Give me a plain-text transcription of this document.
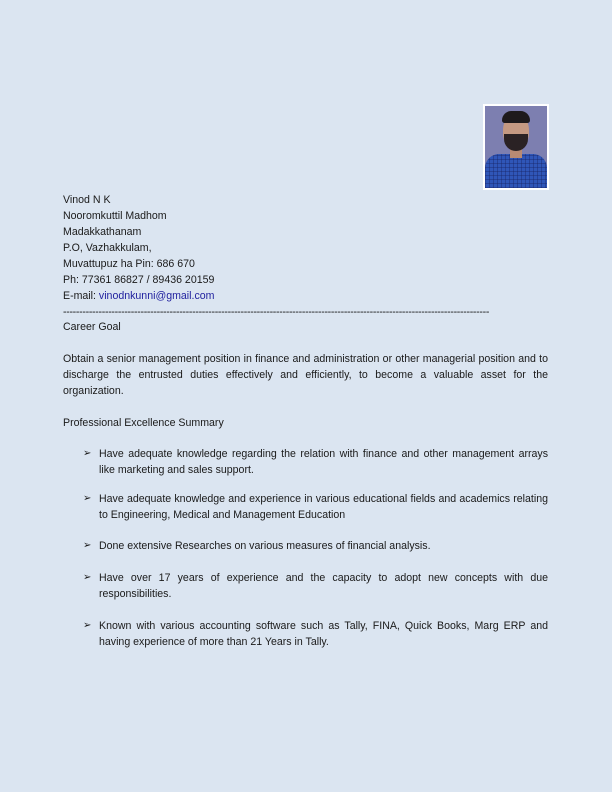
Vinod N K
Nooromkuttil Madhom
Madakkathanam
P.O, Vazhakkulam,
Muvattupuz ha Pin: 686 670
Ph: 77361 86827 / 89436 20159
E-mail: vinodnkunni@gmail.com
------------------------------------------------------------------------------------------------------------------------------------
Career Goal
Obtain a senior management position in finance and administration or other managerial position and to discharge the entrusted duties effectively and efficiently, to become a valuable asset for the organization.
Professional Excellence Summary
➢ Have adequate knowledge regarding the relation with finance and other management arrays like marketing and sales support.
➢ Have adequate knowledge and experience in various educational fields and academics relating to Engineering, Medical and Management Education
➢ Done extensive Researches on various measures of financial analysis.
➢ Have over 17 years of experience and the capacity to adopt new concepts with due responsibilities.
➢ Known with various accounting software such as Tally, FINA, Quick Books, Marg ERP and having experience of more than 21 Years in Tally.
